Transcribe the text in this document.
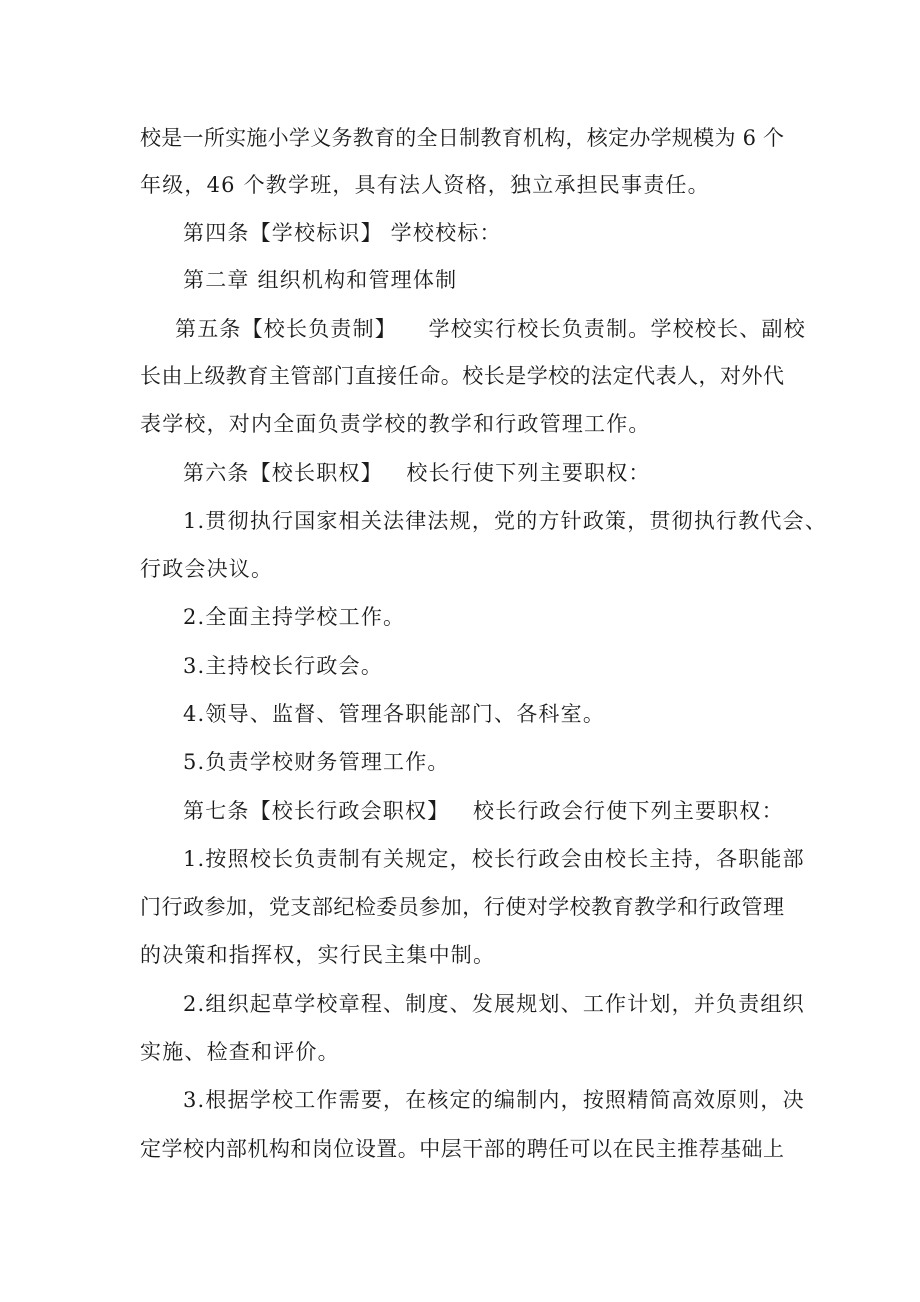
校是一所实施小学义务教育的全日制教育机构，核定办学规模为 6 个
年级，46 个教学班，具有法人资格，独立承担民事责任。
第四条【学校标识】 学校校标：
第二章 组织机构和管理体制
第五条【校长负责制】    学校实行校长负责制。学校校长、副校
长由上级教育主管部门直接任命。校长是学校的法定代表人，对外代
表学校，对内全面负责学校的教学和行政管理工作。
第六条【校长职权】   校长行使下列主要职权：
1.贯彻执行国家相关法律法规，党的方针政策，贯彻执行教代会、
行政会决议。
2.全面主持学校工作。
3.主持校长行政会。
4.领导、监督、管理各职能部门、各科室。
5.负责学校财务管理工作。
第七条【校长行政会职权】   校长行政会行使下列主要职权：
1.按照校长负责制有关规定，校长行政会由校长主持，各职能部
门行政参加，党支部纪检委员参加，行使对学校教育教学和行政管理
的决策和指挥权，实行民主集中制。
2.组织起草学校章程、制度、发展规划、工作计划，并负责组织
实施、检查和评价。
3.根据学校工作需要，在核定的编制内，按照精简高效原则，决
定学校内部机构和岗位设置。中层干部的聘任可以在民主推荐基础上
